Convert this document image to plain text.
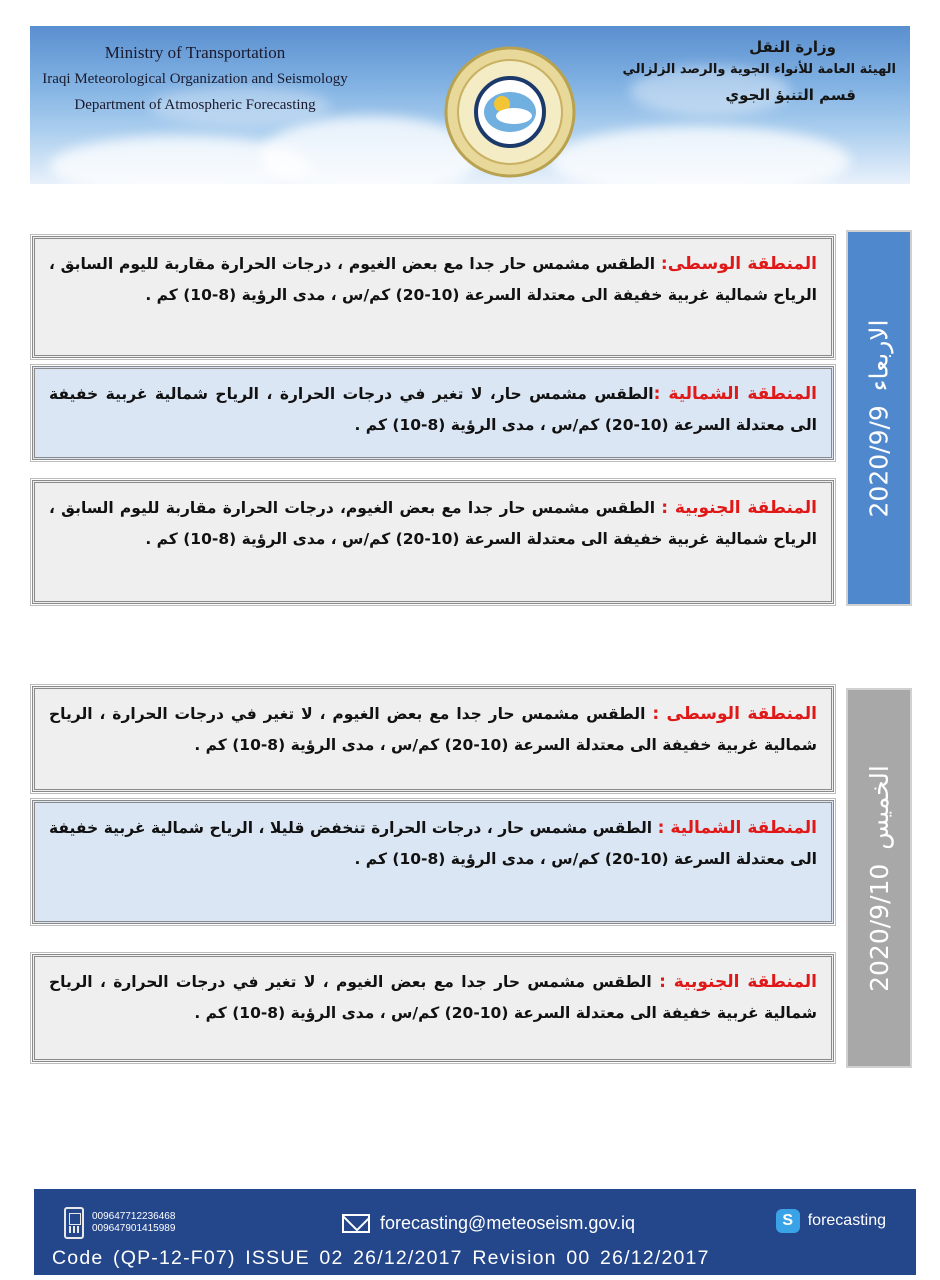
Ministry of Transportation
Iraqi Meteorological Organization and Seismology
Department of Atmospheric Forecasting
وزارة النقل
الهيئة العامة للأنواء الجوية والرصد الزلزالي
قسم التنبؤ الجوي
2020/9/9
الاربعاء
المنطقة الوسطى: الطقس مشمس حار جدا مع بعض الغيوم ، درجات الحرارة مقاربة لليوم السابق ، الرياح شمالية غربية خفيفة الى معتدلة السرعة (10-20) كم/س ، مدى الرؤية (8-10) كم .
المنطقة الشمالية :الطقس مشمس حار، لا تغير في درجات الحرارة ، الرياح شمالية غربية خفيفة الى معتدلة السرعة (10-20) كم/س ، مدى الرؤية (8-10) كم .
المنطقة الجنوبية : الطقس مشمس حار جدا مع بعض الغيوم، درجات الحرارة مقاربة لليوم السابق ، الرياح شمالية غربية خفيفة الى معتدلة السرعة (10-20) كم/س ، مدى الرؤية (8-10) كم .
2020/9/10
الخميس
المنطقة الوسطى : الطقس مشمس حار جدا مع بعض الغيوم ، لا تغير في درجات الحرارة ، الرياح شمالية غربية خفيفة الى معتدلة السرعة (10-20) كم/س ، مدى الرؤية (8-10) كم .
المنطقة الشمالية : الطقس مشمس حار ، درجات الحرارة تنخفض قليلا ، الرياح شمالية غربية خفيفة الى معتدلة السرعة (10-20) كم/س ، مدى الرؤية (8-10) كم .
المنطقة الجنوبية : الطقس مشمس حار جدا مع بعض الغيوم ، لا تغير في درجات الحرارة ، الرياح شمالية غربية خفيفة الى معتدلة السرعة (10-20) كم/س ، مدى الرؤية (8-10) كم .
009647712236468
009647901415989	forecasting@meteoseism.gov.iq	S forecasting
Code (QP-12-F07) ISSUE 02 26/12/2017 Revision 00 26/12/2017
